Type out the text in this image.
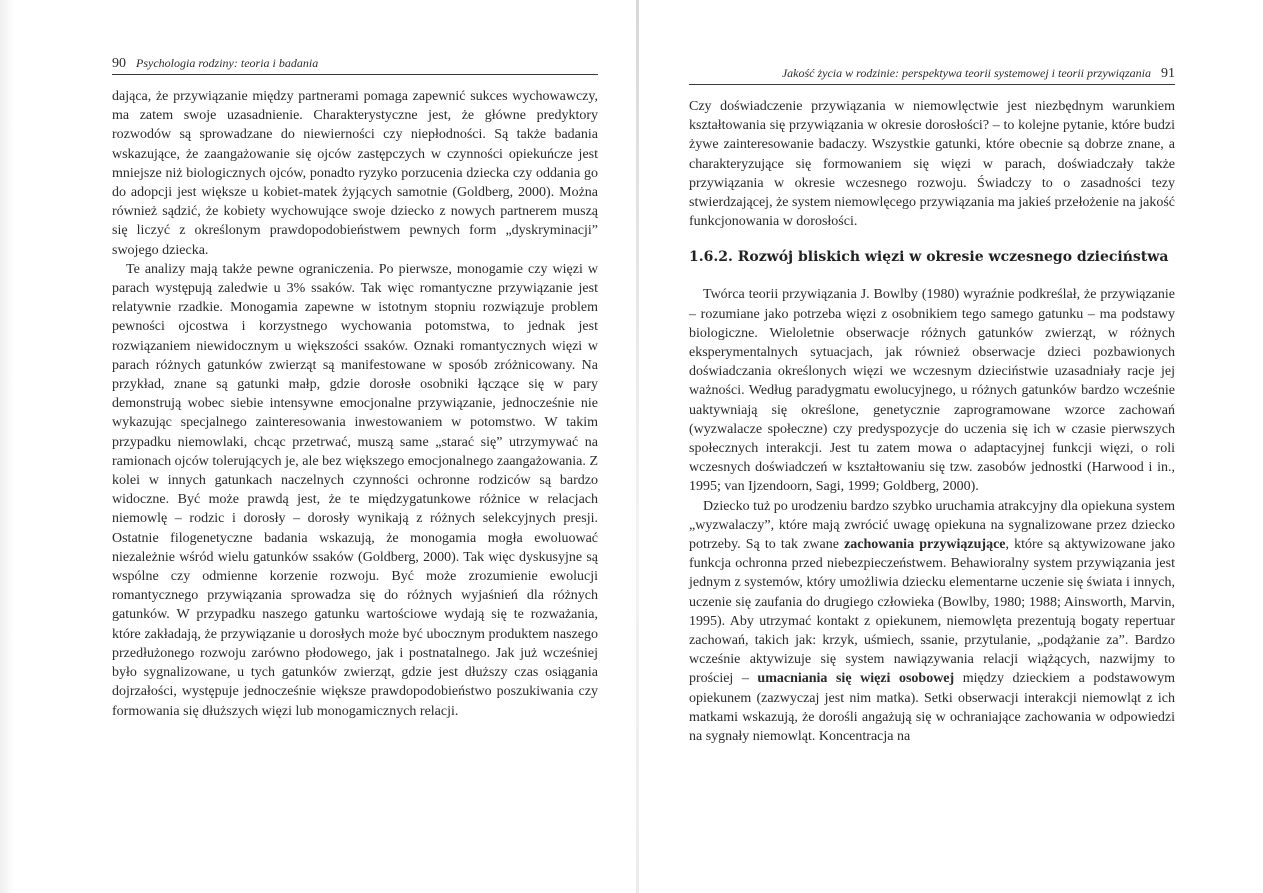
90 Psychologia rodziny: teoria i badania

dająca, że przywiązanie między partnerami pomaga zapewnić sukces wychowawczy, ma zatem swoje uzasadnienie. Charakterystyczne jest, że główne predyktory rozwodów są sprowadzane do niewierności czy niepłodności. Są także badania wskazujące, że zaangażowanie się ojców zastępczych w czynności opiekuńcze jest mniejsze niż biologicznych ojców, ponadto ryzyko porzucenia dziecka czy oddania go do adopcji jest większe u kobiet-matek żyjących samotnie (Goldberg, 2000). Można również sądzić, że kobiety wychowujące swoje dziecko z nowych partnerem muszą się liczyć z określonym prawdopodobieństwem pewnych form „dyskryminacji” swojego dziecka.

Te analizy mają także pewne ograniczenia. Po pierwsze, monogamie czy więzi w parach występują zaledwie u 3% ssaków. Tak więc romantyczne przywiązanie jest relatywnie rzadkie. Monogamia zapewne w istotnym stopniu rozwiązuje problem pewności ojcostwa i korzystnego wychowania potomstwa, to jednak jest rozwiązaniem niewidocznym u większości ssaków. Oznaki romantycznych więzi w parach różnych gatunków zwierząt są manifestowane w sposób zróżnicowany. Na przykład, znane są gatunki małp, gdzie dorosłe osobniki łączące się w pary demonstrują wobec siebie intensywne emocjonalne przywiązanie, jednocześnie nie wykazując specjalnego zainteresowania inwestowaniem w potomstwo. W takim przypadku niemowlaki, chcąc przetrwać, muszą same „starać się” utrzymywać na ramionach ojców tolerujących je, ale bez większego emocjonalnego zaangażowania. Z kolei w innych gatunkach naczelnych czynności ochronne rodziców są bardzo widoczne. Być może prawdą jest, że te międzygatunkowe różnice w relacjach niemowlę – rodzic i dorosły – dorosły wynikają z różnych selekcyjnych presji. Ostatnie filogenetyczne badania wskazują, że monogamia mogła ewoluować niezależnie wśród wielu gatunków ssaków (Goldberg, 2000). Tak więc dyskusyjne są wspólne czy odmienne korzenie rozwoju. Być może zrozumienie ewolucji romantycznego przywiązania sprowadza się do różnych wyjaśnień dla różnych gatunków. W przypadku naszego gatunku wartościowe wydają się te rozważania, które zakładają, że przywiązanie u dorosłych może być ubocznym produktem naszego przedłużonego rozwoju zarówno płodowego, jak i postnatalnego. Jak już wcześniej było sygnalizowane, u tych gatunków zwierząt, gdzie jest dłuższy czas osiągania dojrzałości, występuje jednocześnie większe prawdopodobieństwo poszukiwania czy formowania się dłuższych więzi lub monogamicznych relacji.

Jakość życia w rodzinie: perspektywa teorii systemowej i teorii przywiązania 91

Czy doświadczenie przywiązania w niemowlęctwie jest niezbędnym warunkiem kształtowania się przywiązania w okresie dorosłości? – to kolejne pytanie, które budzi żywe zainteresowanie badaczy. Wszystkie gatunki, które obecnie są dobrze znane, a charakteryzujące się formowaniem się więzi w parach, doświadczały także przywiązania w okresie wczesnego rozwoju. Świadczy to o zasadności tezy stwierdzającej, że system niemowlęcego przywiązania ma jakieś przełożenie na jakość funkcjonowania w dorosłości.

1.6.2. Rozwój bliskich więzi w okresie wczesnego dzieciństwa

Twórca teorii przywiązania J. Bowlby (1980) wyraźnie podkreślał, że przywiązanie – rozumiane jako potrzeba więzi z osobnikiem tego samego gatunku – ma podstawy biologiczne. Wieloletnie obserwacje różnych gatunków zwierząt, w różnych eksperymentalnych sytuacjach, jak również obserwacje dzieci pozbawionych doświadczania określonych więzi we wczesnym dzieciństwie uzasadniały racje jej ważności. Według paradygmatu ewolucyjnego, u różnych gatunków bardzo wcześnie uaktywniają się określone, genetycznie zaprogramowane wzorce zachowań (wyzwalacze społeczne) czy predyspozycje do uczenia się ich w czasie pierwszych społecznych interakcji. Jest tu zatem mowa o adaptacyjnej funkcji więzi, o roli wczesnych doświadczeń w kształtowaniu się tzw. zasobów jednostki (Harwood i in., 1995; van Ijzendoorn, Sagi, 1999; Goldberg, 2000).

Dziecko tuż po urodzeniu bardzo szybko uruchamia atrakcyjny dla opiekuna system „wyzwalaczy”, które mają zwrócić uwagę opiekuna na sygnalizowane przez dziecko potrzeby. Są to tak zwane zachowania przywiązujące, które są aktywizowane jako funkcja ochronna przed niebezpieczeństwem. Behawioralny system przywiązania jest jednym z systemów, który umożliwia dziecku elementarne uczenie się świata i innych, uczenie się zaufania do drugiego człowieka (Bowlby, 1980; 1988; Ainsworth, Marvin, 1995). Aby utrzymać kontakt z opiekunem, niemowlęta prezentują bogaty repertuar zachowań, takich jak: krzyk, uśmiech, ssanie, przytulanie, „podążanie za”. Bardzo wcześnie aktywizuje się system nawiązywania relacji wiążących, nazwijmy to prościej – umacniania się więzi osobowej między dzieckiem a podstawowym opiekunem (zazwyczaj jest nim matka). Setki obserwacji interakcji niemowląt z ich matkami wskazują, że dorośli angażują się w ochraniające zachowania w odpowiedzi na sygnały niemowląt. Koncentracja na
